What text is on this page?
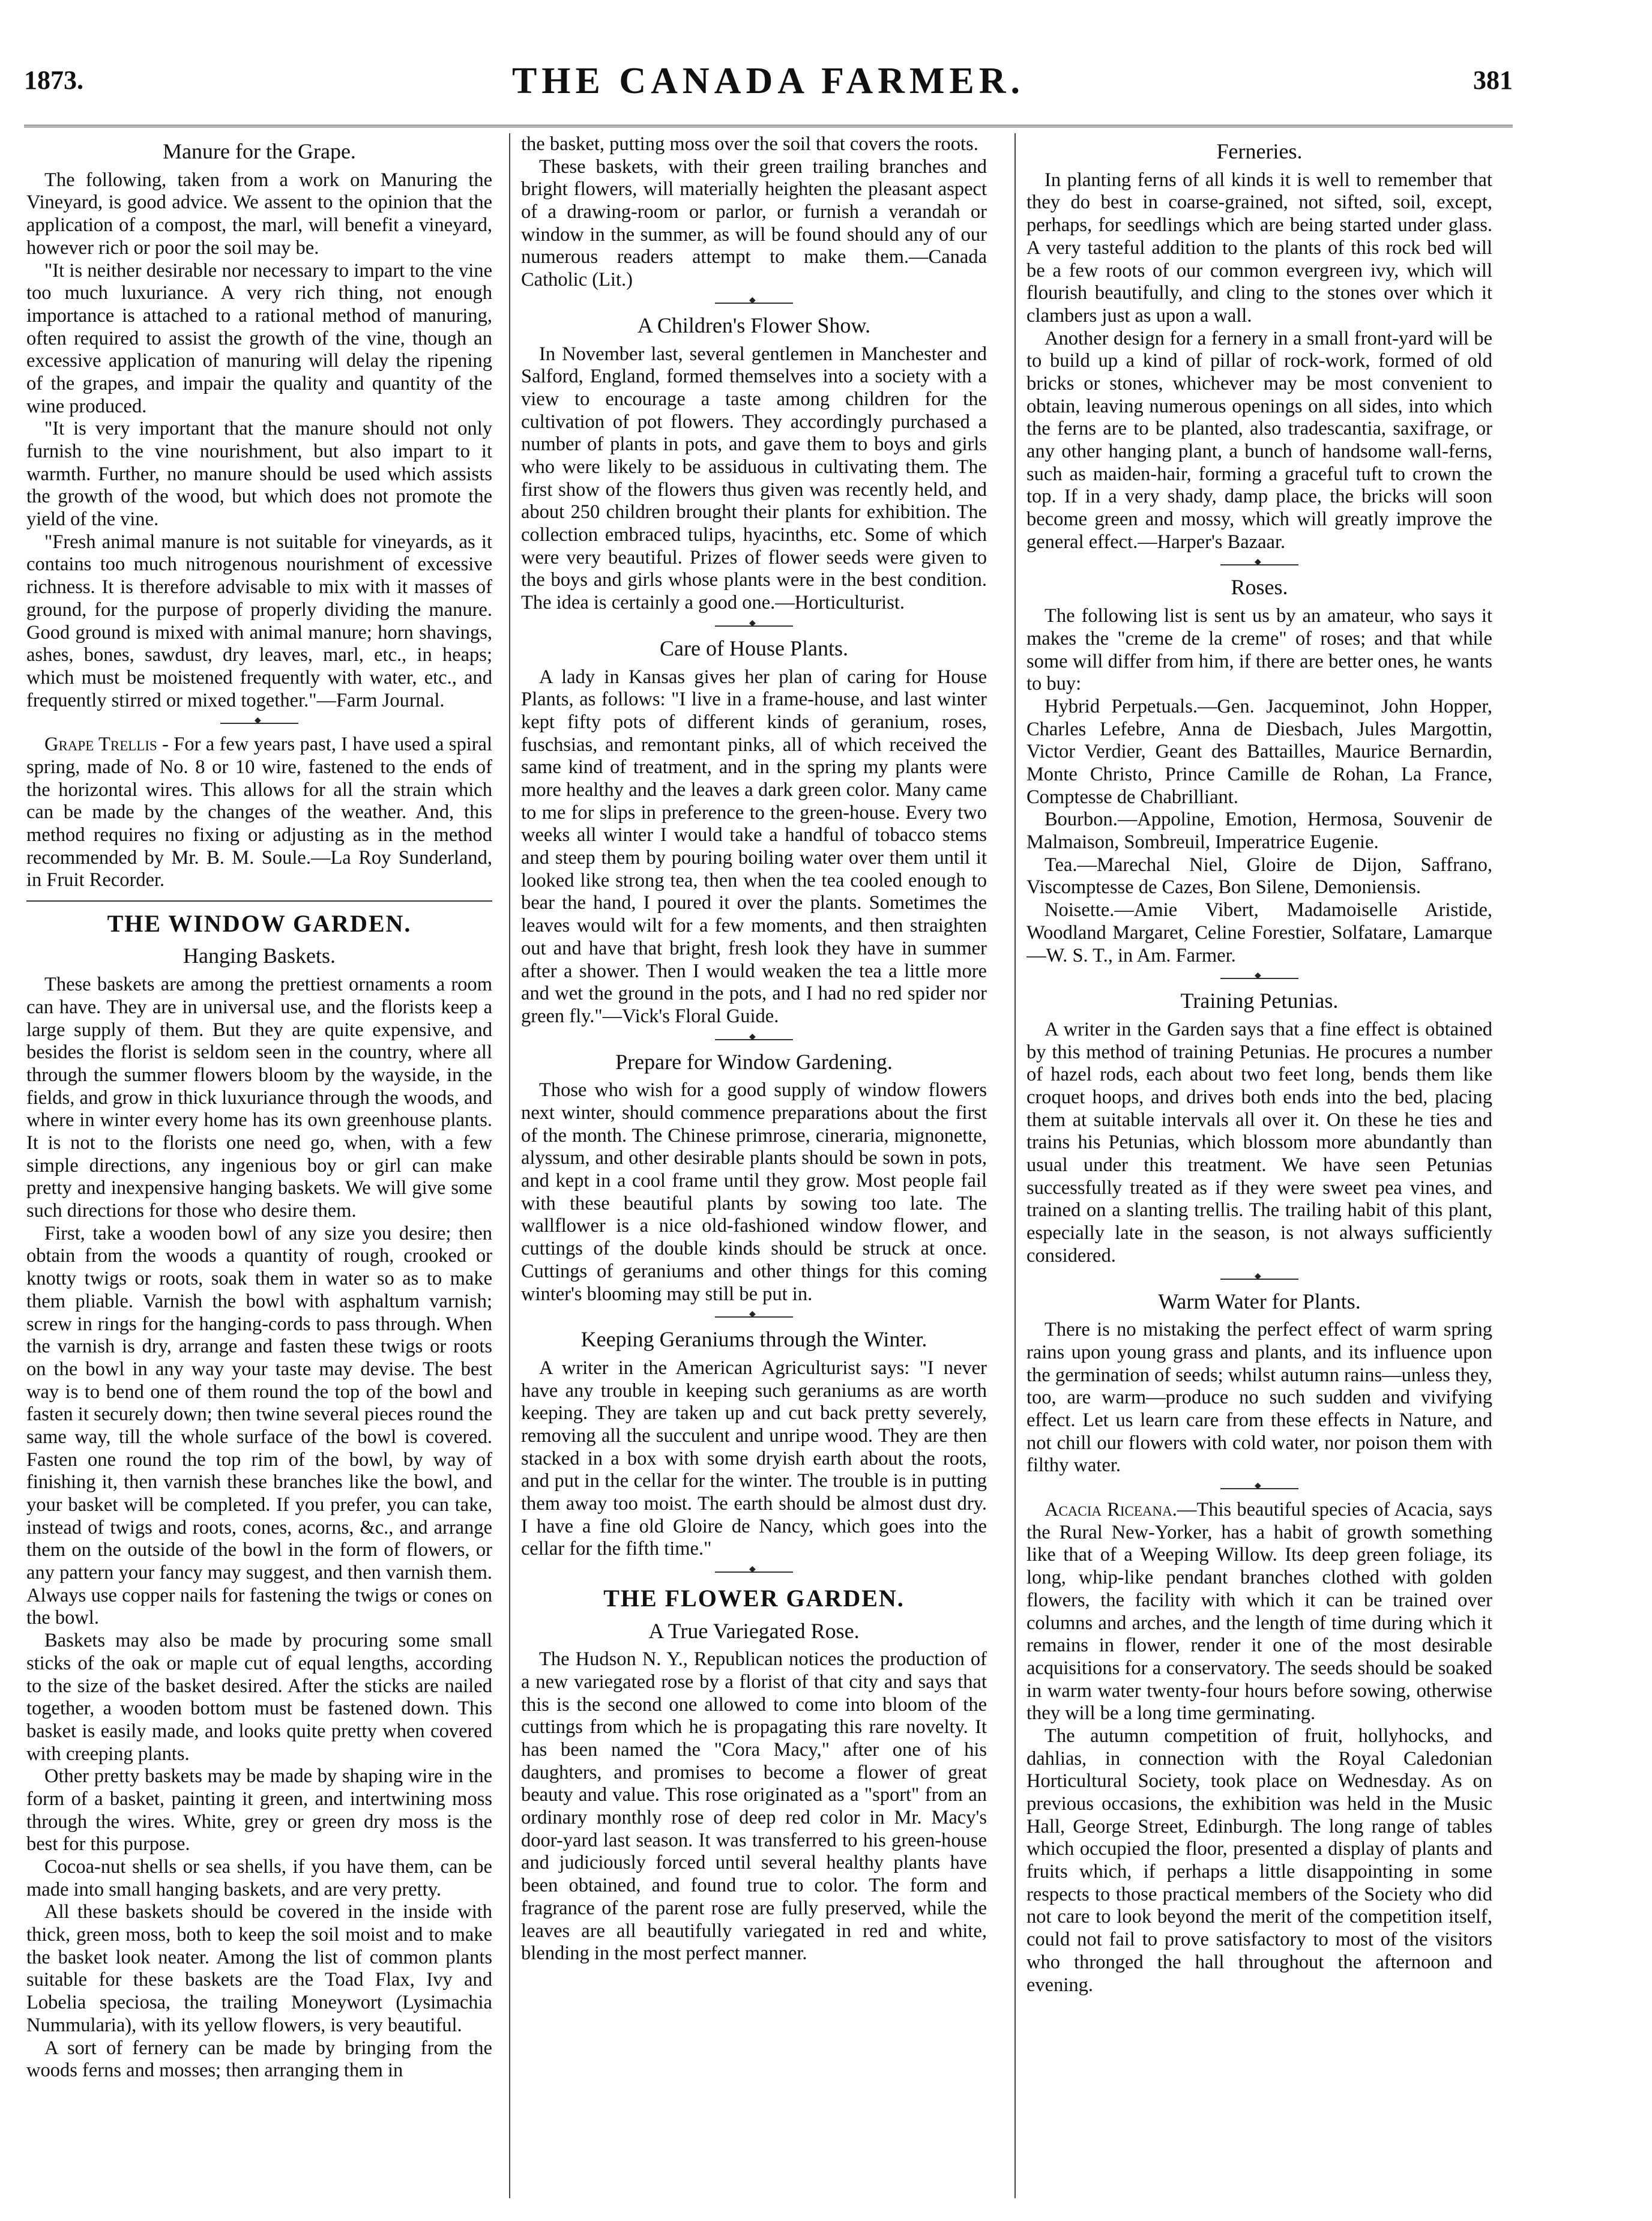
1873.	THE CANADA FARMER.	381
Manure for the Grape.

The following, taken from a work on Manuring the Vineyard, is good advice. We assent to the opinion that the application of a compost, the marl, will benefit a vineyard, however rich or poor the soil may be.

"It is neither desirable nor necessary to impart to the vine too much luxuriance. A very rich thing, not enough importance is attached to a rational method of manuring, often required to assist the growth of the vine, though an excessive application of manuring will delay the ripening of the grapes, and impair the quality and quantity of the wine produced.

"It is very important that the manure should not only furnish to the vine nourishment, but also impart to it warmth. Further, no manure should be used which assists the growth of the wood, but which does not promote the yield of the vine.

"Fresh animal manure is not suitable for vineyards, as it contains too much nitrogenous nourishment of excessive richness. It is therefore advisable to mix with it masses of ground, for the purpose of properly dividing the manure. Good ground is mixed with animal manure; horn shavings, ashes, bones, sawdust, dry leaves, marl, etc., in heaps; which must be moistened frequently with water, etc., and frequently stirred or mixed together."—Farm Journal.

◆

Grape Trellis - For a few years past, I have used a spiral spring, made of No. 8 or 10 wire, fastened to the ends of the horizontal wires. This allows for all the strain which can be made by the changes of the weather. And, this method requires no fixing or adjusting as in the method recommended by Mr. B. M. Soule.—La Roy Sunderland, in Fruit Recorder.

THE WINDOW GARDEN.
Hanging Baskets.

These baskets are among the prettiest ornaments a room can have. They are in universal use, and the florists keep a large supply of them. But they are quite expensive, and besides the florist is seldom seen in the country, where all through the summer flowers bloom by the wayside, in the fields, and grow in thick luxuriance through the woods, and where in winter every home has its own greenhouse plants. It is not to the florists one need go, when, with a few simple directions, any ingenious boy or girl can make pretty and inexpensive hanging baskets. We will give some such directions for those who desire them.

First, take a wooden bowl of any size you desire; then obtain from the woods a quantity of rough, crooked or knotty twigs or roots, soak them in water so as to make them pliable. Varnish the bowl with asphaltum varnish; screw in rings for the hanging-cords to pass through. When the varnish is dry, arrange and fasten these twigs or roots on the bowl in any way your taste may devise. The best way is to bend one of them round the top of the bowl and fasten it securely down; then twine several pieces round the same way, till the whole surface of the bowl is covered. Fasten one round the top rim of the bowl, by way of finishing it, then varnish these branches like the bowl, and your basket will be completed. If you prefer, you can take, instead of twigs and roots, cones, acorns, &c., and arrange them on the outside of the bowl in the form of flowers, or any pattern your fancy may suggest, and then varnish them. Always use copper nails for fastening the twigs or cones on the bowl.

Baskets may also be made by procuring some small sticks of the oak or maple cut of equal lengths, according to the size of the basket desired. After the sticks are nailed together, a wooden bottom must be fastened down. This basket is easily made, and looks quite pretty when covered with creeping plants.

Other pretty baskets may be made by shaping wire in the form of a basket, painting it green, and intertwining moss through the wires. White, grey or green dry moss is the best for this purpose.

Cocoa-nut shells or sea shells, if you have them, can be made into small hanging baskets, and are very pretty.

All these baskets should be covered in the inside with thick, green moss, both to keep the soil moist and to make the basket look neater. Among the list of common plants suitable for these baskets are the Toad Flax, Ivy and Lobelia speciosa, the trailing Moneywort (Lysimachia Nummularia), with its yellow flowers, is very beautiful.

A sort of fernery can be made by bringing from the woods ferns and mosses; then arranging them in

the basket, putting moss over the soil that covers the roots.

These baskets, with their green trailing branches and bright flowers, will materially heighten the pleasant aspect of a drawing-room or parlor, or furnish a verandah or window in the summer, as will be found should any of our numerous readers attempt to make them.—Canada Catholic (Lit.)

◆
A Children's Flower Show.

In November last, several gentlemen in Manchester and Salford, England, formed themselves into a society with a view to encourage a taste among children for the cultivation of pot flowers. They accordingly purchased a number of plants in pots, and gave them to boys and girls who were likely to be assiduous in cultivating them. The first show of the flowers thus given was recently held, and about 250 children brought their plants for exhibition. The collection embraced tulips, hyacinths, etc. Some of which were very beautiful. Prizes of flower seeds were given to the boys and girls whose plants were in the best condition. The idea is certainly a good one.—Horticulturist.

◆
Care of House Plants.

A lady in Kansas gives her plan of caring for House Plants, as follows: "I live in a frame-house, and last winter kept fifty pots of different kinds of geranium, roses, fuschsias, and remontant pinks, all of which received the same kind of treatment, and in the spring my plants were more healthy and the leaves a dark green color. Many came to me for slips in preference to the green-house. Every two weeks all winter I would take a handful of tobacco stems and steep them by pouring boiling water over them until it looked like strong tea, then when the tea cooled enough to bear the hand, I poured it over the plants. Sometimes the leaves would wilt for a few moments, and then straighten out and have that bright, fresh look they have in summer after a shower. Then I would weaken the tea a little more and wet the ground in the pots, and I had no red spider nor green fly."—Vick's Floral Guide.

◆
Prepare for Window Gardening.

Those who wish for a good supply of window flowers next winter, should commence preparations about the first of the month. The Chinese primrose, cineraria, mignonette, alyssum, and other desirable plants should be sown in pots, and kept in a cool frame until they grow. Most people fail with these beautiful plants by sowing too late. The wallflower is a nice old-fashioned window flower, and cuttings of the double kinds should be struck at once. Cuttings of geraniums and other things for this coming winter's blooming may still be put in.

◆
Keeping Geraniums through the Winter.

A writer in the American Agriculturist says: "I never have any trouble in keeping such geraniums as are worth keeping. They are taken up and cut back pretty severely, removing all the succulent and unripe wood. They are then stacked in a box with some dryish earth about the roots, and put in the cellar for the winter. The trouble is in putting them away too moist. The earth should be almost dust dry. I have a fine old Gloire de Nancy, which goes into the cellar for the fifth time."

◆
THE FLOWER GARDEN.
A True Variegated Rose.

The Hudson N. Y., Republican notices the production of a new variegated rose by a florist of that city and says that this is the second one allowed to come into bloom of the cuttings from which he is propagating this rare novelty. It has been named the "Cora Macy," after one of his daughters, and promises to become a flower of great beauty and value. This rose originated as a "sport" from an ordinary monthly rose of deep red color in Mr. Macy's door-yard last season. It was transferred to his green-house and judiciously forced until several healthy plants have been obtained, and found true to color. The form and fragrance of the parent rose are fully preserved, while the leaves are all beautifully variegated in red and white, blending in the most perfect manner.

Ferneries.

In planting ferns of all kinds it is well to remember that they do best in coarse-grained, not sifted, soil, except, perhaps, for seedlings which are being started under glass. A very tasteful addition to the plants of this rock bed will be a few roots of our common evergreen ivy, which will flourish beautifully, and cling to the stones over which it clambers just as upon a wall.

Another design for a fernery in a small front-yard will be to build up a kind of pillar of rock-work, formed of old bricks or stones, whichever may be most convenient to obtain, leaving numerous openings on all sides, into which the ferns are to be planted, also tradescantia, saxifrage, or any other hanging plant, a bunch of handsome wall-ferns, such as maiden-hair, forming a graceful tuft to crown the top. If in a very shady, damp place, the bricks will soon become green and mossy, which will greatly improve the general effect.—Harper's Bazaar.

◆
Roses.

The following list is sent us by an amateur, who says it makes the "creme de la creme" of roses; and that while some will differ from him, if there are better ones, he wants to buy:

Hybrid Perpetuals.—Gen. Jacqueminot, John Hopper, Charles Lefebre, Anna de Diesbach, Jules Margottin, Victor Verdier, Geant des Battailles, Maurice Bernardin, Monte Christo, Prince Camille de Rohan, La France, Comptesse de Chabrilliant.

Bourbon.—Appoline, Emotion, Hermosa, Souvenir de Malmaison, Sombreuil, Imperatrice Eugenie.

Tea.—Marechal Niel, Gloire de Dijon, Saffrano, Viscomptesse de Cazes, Bon Silene, Demoniensis.

Noisette.—Amie Vibert, Madamoiselle Aristide, Woodland Margaret, Celine Forestier, Solfatare, Lamarque—W. S. T., in Am. Farmer.

◆
Training Petunias.

A writer in the Garden says that a fine effect is obtained by this method of training Petunias. He procures a number of hazel rods, each about two feet long, bends them like croquet hoops, and drives both ends into the bed, placing them at suitable intervals all over it. On these he ties and trains his Petunias, which blossom more abundantly than usual under this treatment. We have seen Petunias successfully treated as if they were sweet pea vines, and trained on a slanting trellis. The trailing habit of this plant, especially late in the season, is not always sufficiently considered.

◆
Warm Water for Plants.

There is no mistaking the perfect effect of warm spring rains upon young grass and plants, and its influence upon the germination of seeds; whilst autumn rains—unless they, too, are warm—produce no such sudden and vivifying effect. Let us learn care from these effects in Nature, and not chill our flowers with cold water, nor poison them with filthy water.

◆

Acacia Riceana.—This beautiful species of Acacia, says the Rural New-Yorker, has a habit of growth something like that of a Weeping Willow. Its deep green foliage, its long, whip-like pendant branches clothed with golden flowers, the facility with which it can be trained over columns and arches, and the length of time during which it remains in flower, render it one of the most desirable acquisitions for a conservatory. The seeds should be soaked in warm water twenty-four hours before sowing, otherwise they will be a long time germinating.

The autumn competition of fruit, hollyhocks, and dahlias, in connection with the Royal Caledonian Horticultural Society, took place on Wednesday. As on previous occasions, the exhibition was held in the Music Hall, George Street, Edinburgh. The long range of tables which occupied the floor, presented a display of plants and fruits which, if perhaps a little disappointing in some respects to those practical members of the Society who did not care to look beyond the merit of the competition itself, could not fail to prove satisfactory to most of the visitors who thronged the hall throughout the afternoon and evening.
